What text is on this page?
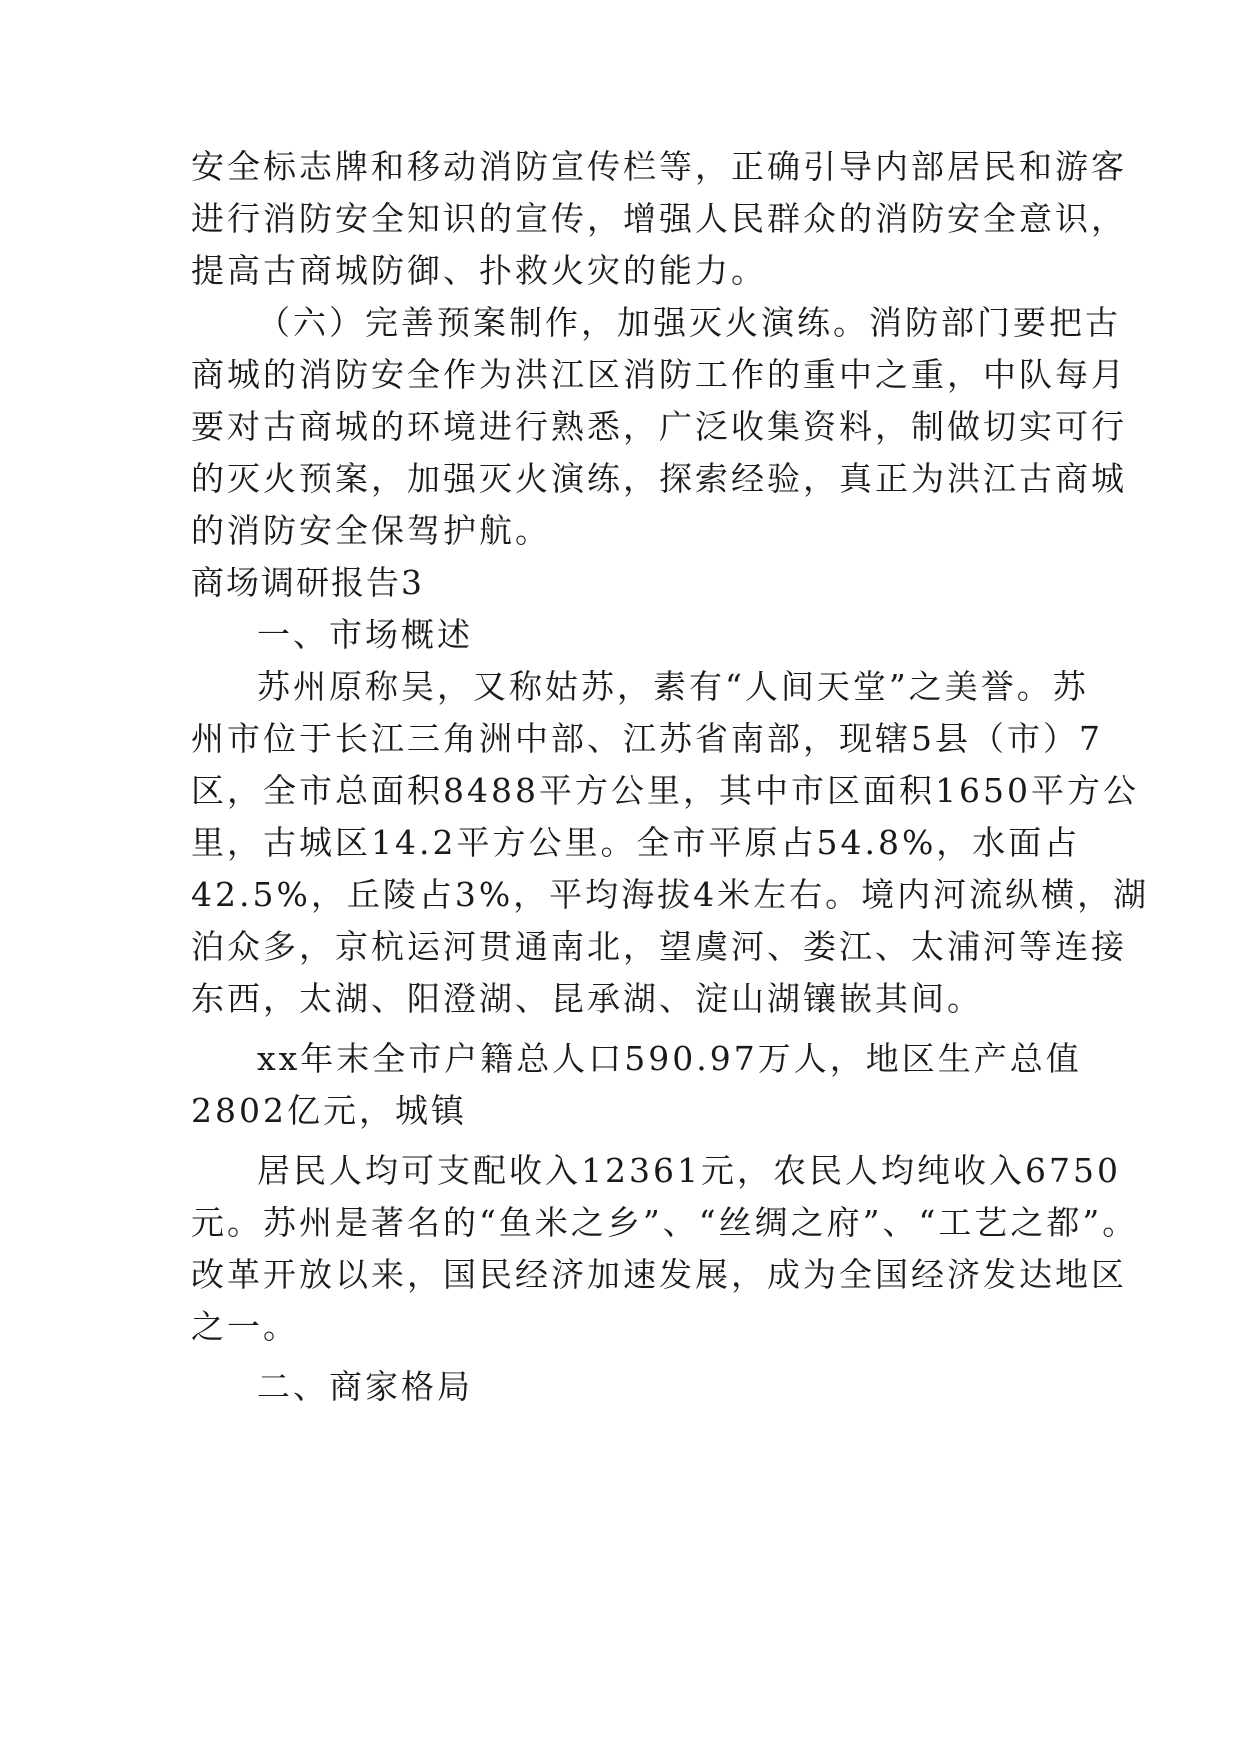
安全标志牌和移动消防宣传栏等，正确引导内部居民和游客
进行消防安全知识的宣传，增强人民群众的消防安全意识，
提高古商城防御、扑救火灾的能力。
（六）完善预案制作，加强灭火演练。消防部门要把古
商城的消防安全作为洪江区消防工作的重中之重，中队每月
要对古商城的环境进行熟悉，广泛收集资料，制做切实可行
的灭火预案，加强灭火演练，探索经验，真正为洪江古商城
的消防安全保驾护航。
商场调研报告3
一、市场概述
苏州原称吴，又称姑苏，素有“人间天堂”之美誉。苏
州市位于长江三角洲中部、江苏省南部，现辖5县（市）7
区，全市总面积8488平方公里，其中市区面积1650平方公
里，古城区14.2平方公里。全市平原占54.8%，水面占
42.5%，丘陵占3%，平均海拔4米左右。境内河流纵横，湖
泊众多，京杭运河贯通南北，望虞河、娄江、太浦河等连接
东西，太湖、阳澄湖、昆承湖、淀山湖镶嵌其间。
xx年末全市户籍总人口590.97万人，地区生产总值
2802亿元，城镇
居民人均可支配收入12361元，农民人均纯收入6750
元。苏州是著名的“鱼米之乡”、“丝绸之府”、“工艺之都”。
改革开放以来，国民经济加速发展，成为全国经济发达地区
之一。
二、商家格局
